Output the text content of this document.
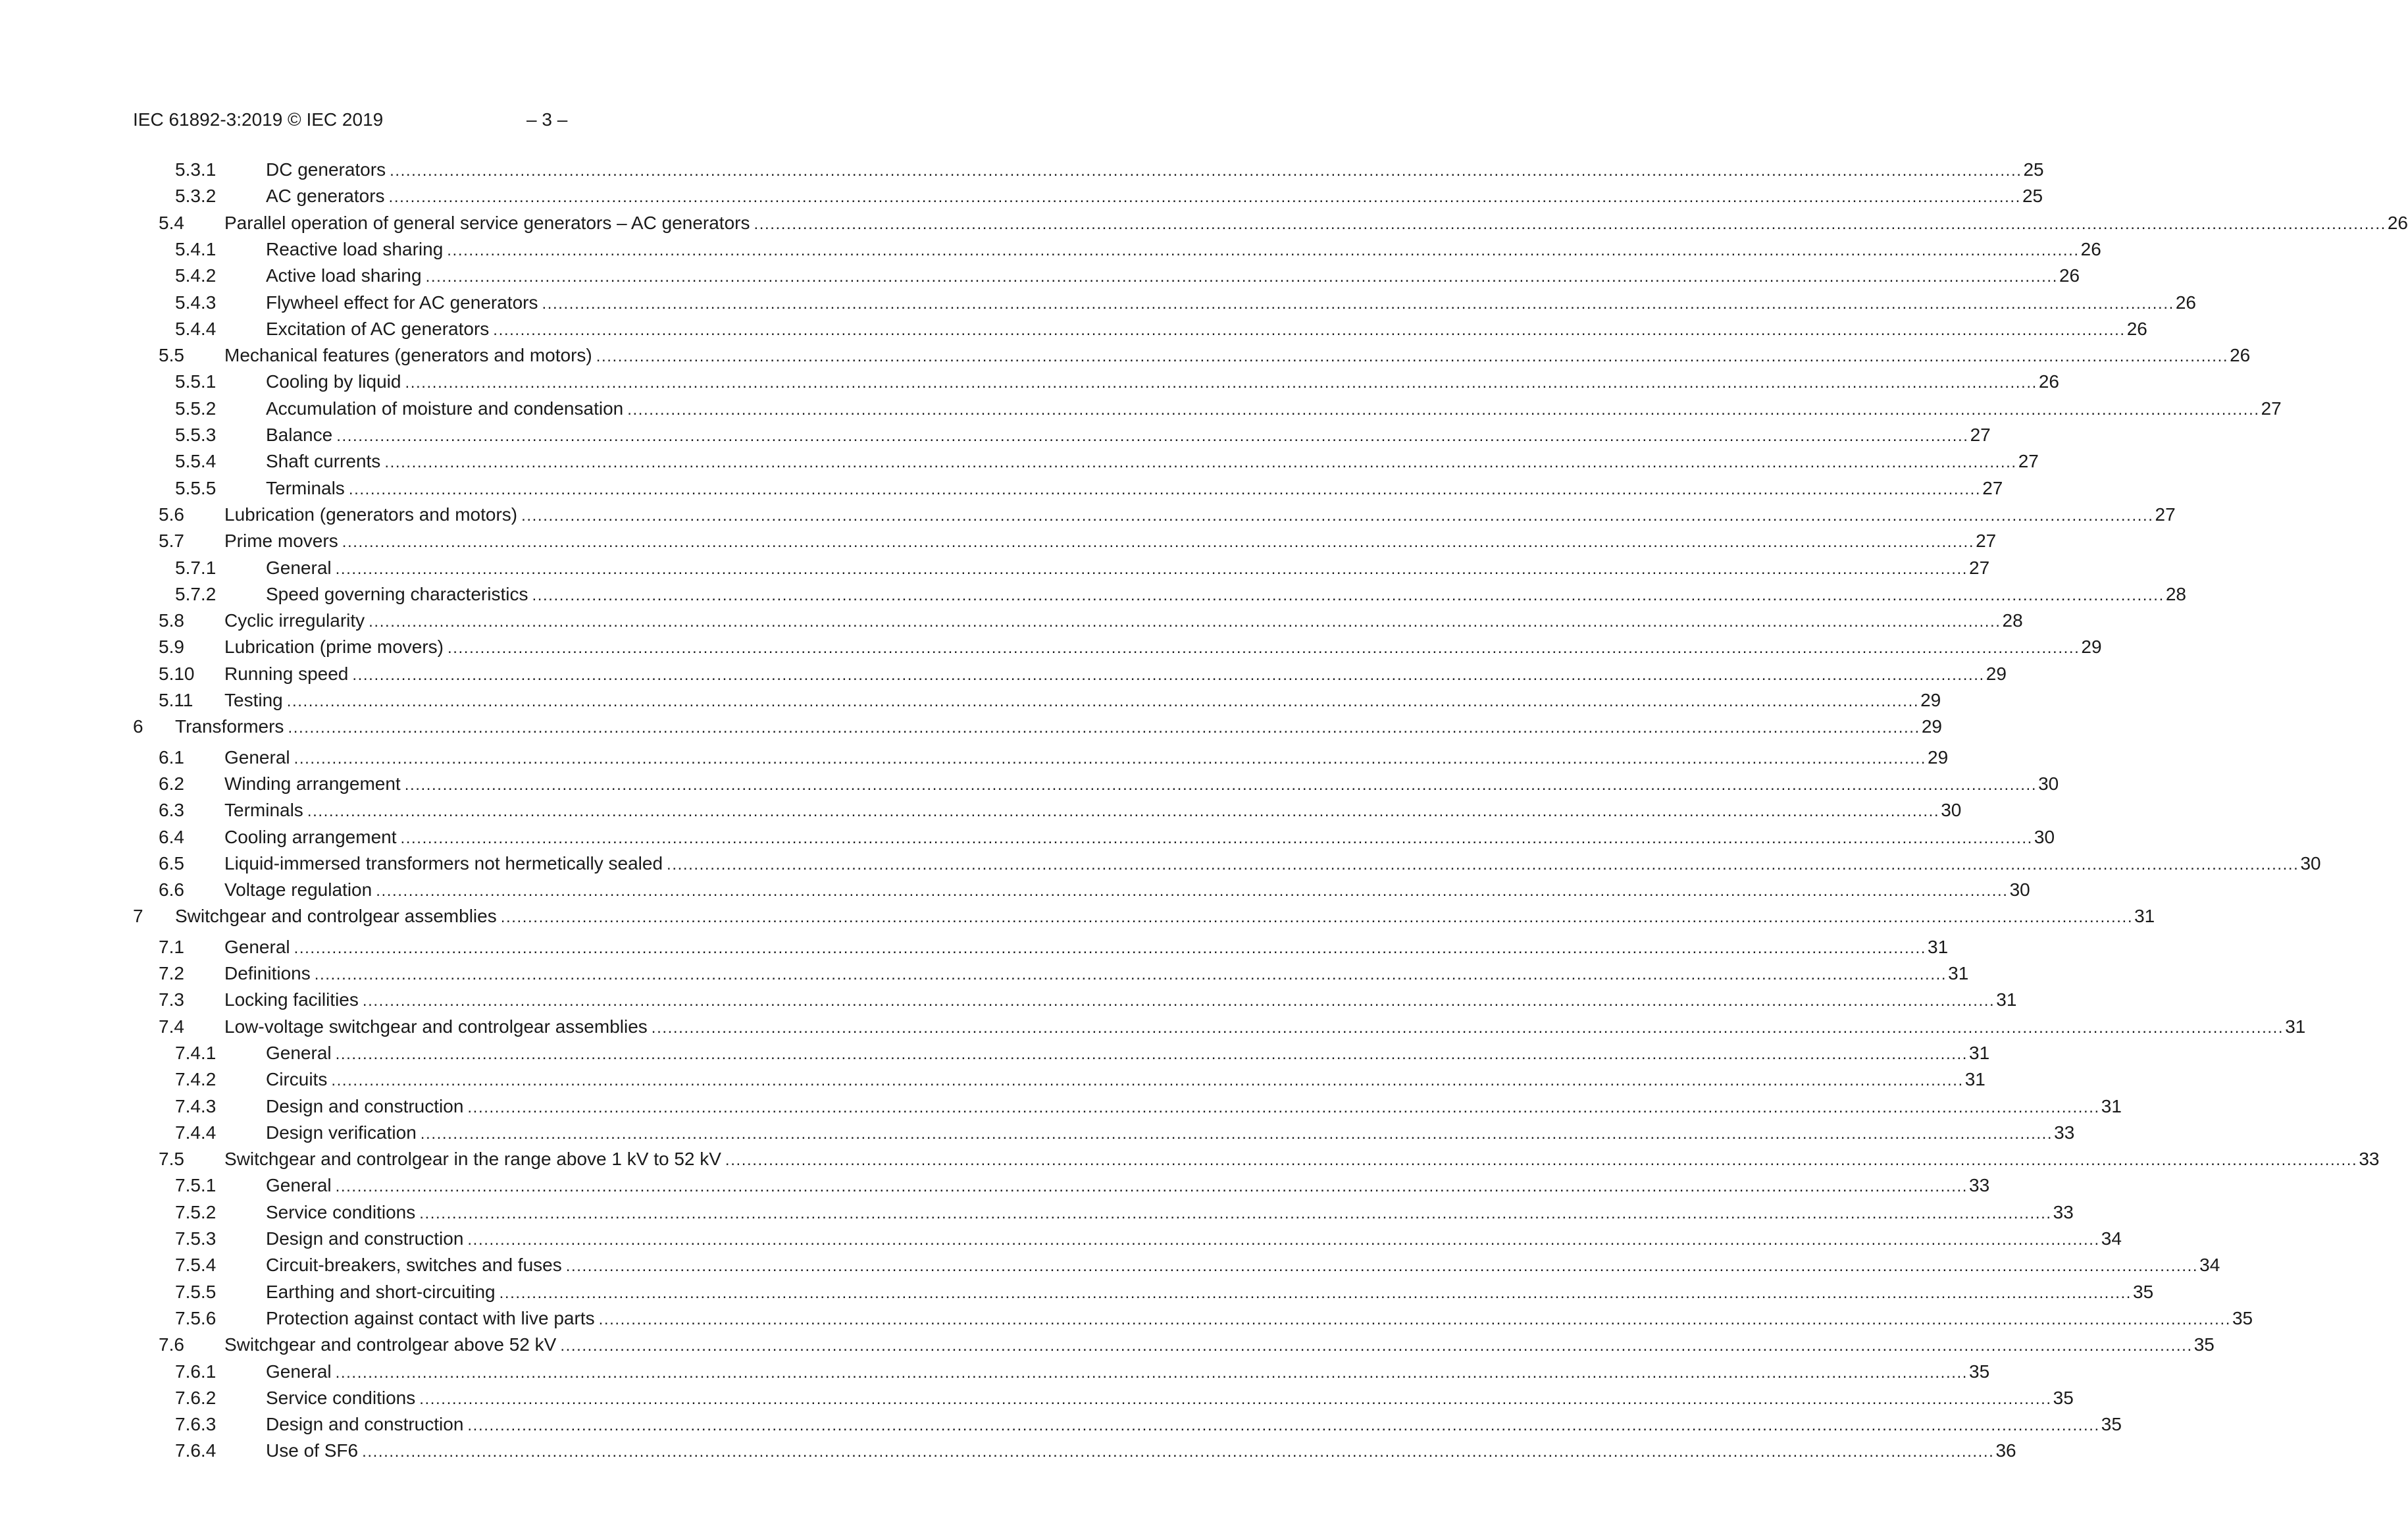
IEC 61892-3:2019 © IEC 2019	– 3 –
5.3.1	DC generators ............................................................................................................................................................................................................................................................................................................ 25
5.3.2	AC generators ............................................................................................................................................................................................................................................................................................................ 25
5.4 Parallel operation of general service generators – AC generators ............................................................................................................................................................................................................................................................................................................ 26
5.4.1	Reactive load sharing ............................................................................................................................................................................................................................................................................................................ 26
5.4.2	Active load sharing ............................................................................................................................................................................................................................................................................................................ 26
5.4.3	Flywheel effect for AC generators ............................................................................................................................................................................................................................................................................................................ 26
5.4.4	Excitation of AC generators ............................................................................................................................................................................................................................................................................................................ 26
5.5 Mechanical features (generators and motors) ............................................................................................................................................................................................................................................................................................................ 26
5.5.1	Cooling by liquid ............................................................................................................................................................................................................................................................................................................ 26
5.5.2	Accumulation of moisture and condensation ............................................................................................................................................................................................................................................................................................................ 27
5.5.3	Balance ............................................................................................................................................................................................................................................................................................................ 27
5.5.4	Shaft currents ............................................................................................................................................................................................................................................................................................................ 27
5.5.5	Terminals ............................................................................................................................................................................................................................................................................................................ 27
5.6 Lubrication (generators and motors) ............................................................................................................................................................................................................................................................................................................ 27
5.7 Prime movers ............................................................................................................................................................................................................................................................................................................ 27
5.7.1	General ............................................................................................................................................................................................................................................................................................................ 27
5.7.2	Speed governing characteristics ............................................................................................................................................................................................................................................................................................................ 28
5.8 Cyclic irregularity ............................................................................................................................................................................................................................................................................................................ 28
5.9 Lubrication (prime movers) ............................................................................................................................................................................................................................................................................................................ 29
5.10 Running speed ............................................................................................................................................................................................................................................................................................................ 29
5.11 Testing ............................................................................................................................................................................................................................................................................................................ 29
6 Transformers ............................................................................................................................................................................................................................................................................................................ 29
6.1 General ............................................................................................................................................................................................................................................................................................................ 29
6.2 Winding arrangement ............................................................................................................................................................................................................................................................................................................ 30
6.3 Terminals ............................................................................................................................................................................................................................................................................................................ 30
6.4 Cooling arrangement ............................................................................................................................................................................................................................................................................................................ 30
6.5 Liquid-immersed transformers not hermetically sealed ............................................................................................................................................................................................................................................................................................................ 30
6.6 Voltage regulation ............................................................................................................................................................................................................................................................................................................ 30
7 Switchgear and controlgear assemblies ............................................................................................................................................................................................................................................................................................................ 31
7.1 General ............................................................................................................................................................................................................................................................................................................ 31
7.2 Definitions ............................................................................................................................................................................................................................................................................................................ 31
7.3 Locking facilities ............................................................................................................................................................................................................................................................................................................ 31
7.4 Low-voltage switchgear and controlgear assemblies ............................................................................................................................................................................................................................................................................................................ 31
7.4.1	General ............................................................................................................................................................................................................................................................................................................ 31
7.4.2	Circuits ............................................................................................................................................................................................................................................................................................................ 31
7.4.3	Design and construction ............................................................................................................................................................................................................................................................................................................ 31
7.4.4	Design verification ............................................................................................................................................................................................................................................................................................................ 33
7.5 Switchgear and controlgear in the range above 1 kV to 52 kV ............................................................................................................................................................................................................................................................................................................ 33
7.5.1	General ............................................................................................................................................................................................................................................................................................................ 33
7.5.2	Service conditions ............................................................................................................................................................................................................................................................................................................ 33
7.5.3	Design and construction ............................................................................................................................................................................................................................................................................................................ 34
7.5.4	Circuit-breakers, switches and fuses ............................................................................................................................................................................................................................................................................................................ 34
7.5.5	Earthing and short-circuiting ............................................................................................................................................................................................................................................................................................................ 35
7.5.6	Protection against contact with live parts ............................................................................................................................................................................................................................................................................................................ 35
7.6 Switchgear and controlgear above 52 kV ............................................................................................................................................................................................................................................................................................................ 35
7.6.1	General ............................................................................................................................................................................................................................................................................................................ 35
7.6.2	Service conditions ............................................................................................................................................................................................................................................................................................................ 35
7.6.3	Design and construction ............................................................................................................................................................................................................................................................................................................ 35
7.6.4	Use of SF6 ............................................................................................................................................................................................................................................................................................................ 36
